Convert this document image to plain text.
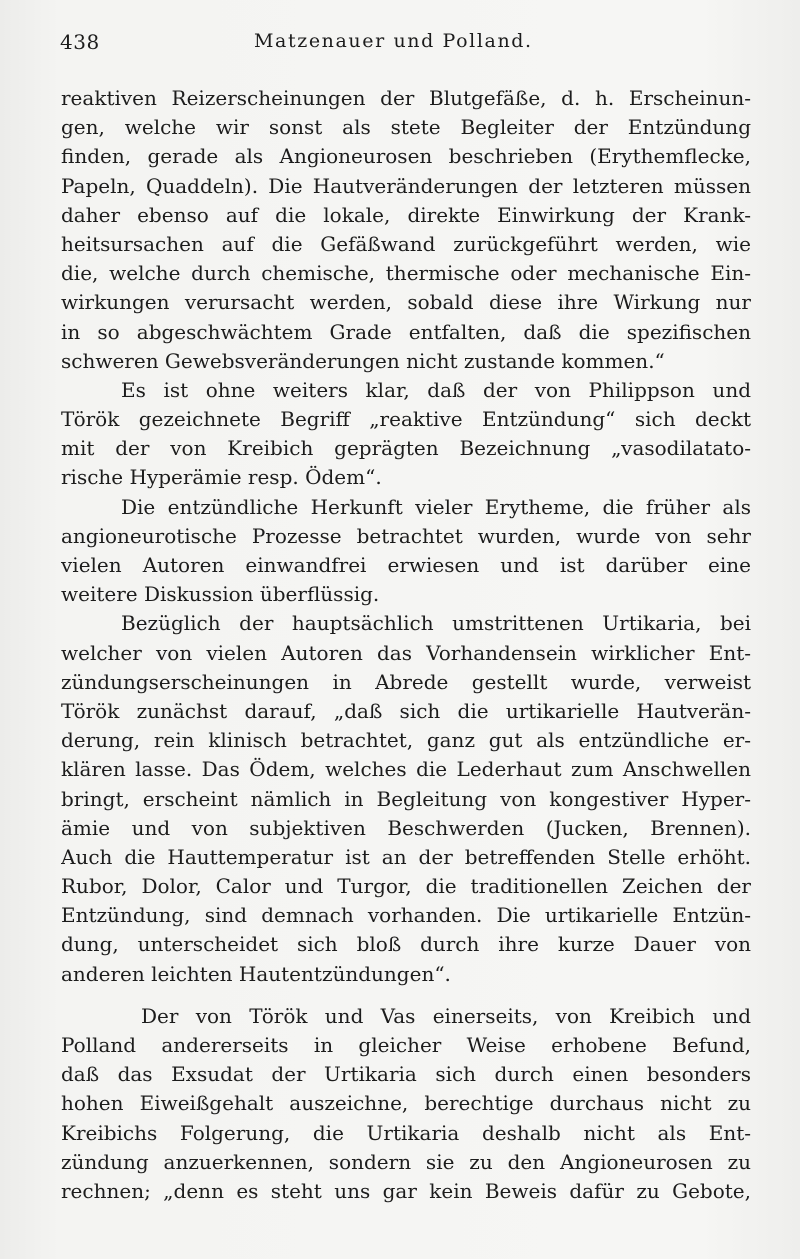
438	Matzenauer und Polland.
reaktiven Reizerscheinungen der Blutgefäße, d. h. Erscheinun-
gen, welche wir sonst als stete Begleiter der Entzündung
finden, gerade als Angioneurosen beschrieben (Erythemflecke,
Papeln, Quaddeln). Die Hautveränderungen der letzteren müssen
daher ebenso auf die lokale, direkte Einwirkung der Krank-
heitsursachen auf die Gefäßwand zurückgeführt werden, wie
die, welche durch chemische, thermische oder mechanische Ein-
wirkungen verursacht werden, sobald diese ihre Wirkung nur
in so abgeschwächtem Grade entfalten, daß die spezifischen
schweren Gewebsveränderungen nicht zustande kommen.“
Es ist ohne weiters klar, daß der von Philippson und
Török gezeichnete Begriff „reaktive Entzündung“ sich deckt
mit der von Kreibich geprägten Bezeichnung „vasodilatato-
rische Hyperämie resp. Ödem“.
Die entzündliche Herkunft vieler Erytheme, die früher als
angioneurotische Prozesse betrachtet wurden, wurde von sehr
vielen Autoren einwandfrei erwiesen und ist darüber eine
weitere Diskussion überflüssig.
Bezüglich der hauptsächlich umstrittenen Urtikaria, bei
welcher von vielen Autoren das Vorhandensein wirklicher Ent-
zündungserscheinungen in Abrede gestellt wurde, verweist
Török zunächst darauf, „daß sich die urtikarielle Hautverän-
derung, rein klinisch betrachtet, ganz gut als entzündliche er-
klären lasse. Das Ödem, welches die Lederhaut zum Anschwellen
bringt, erscheint nämlich in Begleitung von kongestiver Hyper-
ämie und von subjektiven Beschwerden (Jucken, Brennen).
Auch die Hauttemperatur ist an der betreffenden Stelle erhöht.
Rubor, Dolor, Calor und Turgor, die traditionellen Zeichen der
Entzündung, sind demnach vorhanden. Die urtikarielle Entzün-
dung, unterscheidet sich bloß durch ihre kurze Dauer von
anderen leichten Hautentzündungen“.
Der von Török und Vas einerseits, von Kreibich und
Polland andererseits in gleicher Weise erhobene Befund,
daß das Exsudat der Urtikaria sich durch einen besonders
hohen Eiweißgehalt auszeichne, berechtige durchaus nicht zu
Kreibichs Folgerung, die Urtikaria deshalb nicht als Ent-
zündung anzuerkennen, sondern sie zu den Angioneurosen zu
rechnen; „denn es steht uns gar kein Beweis dafür zu Gebote,
